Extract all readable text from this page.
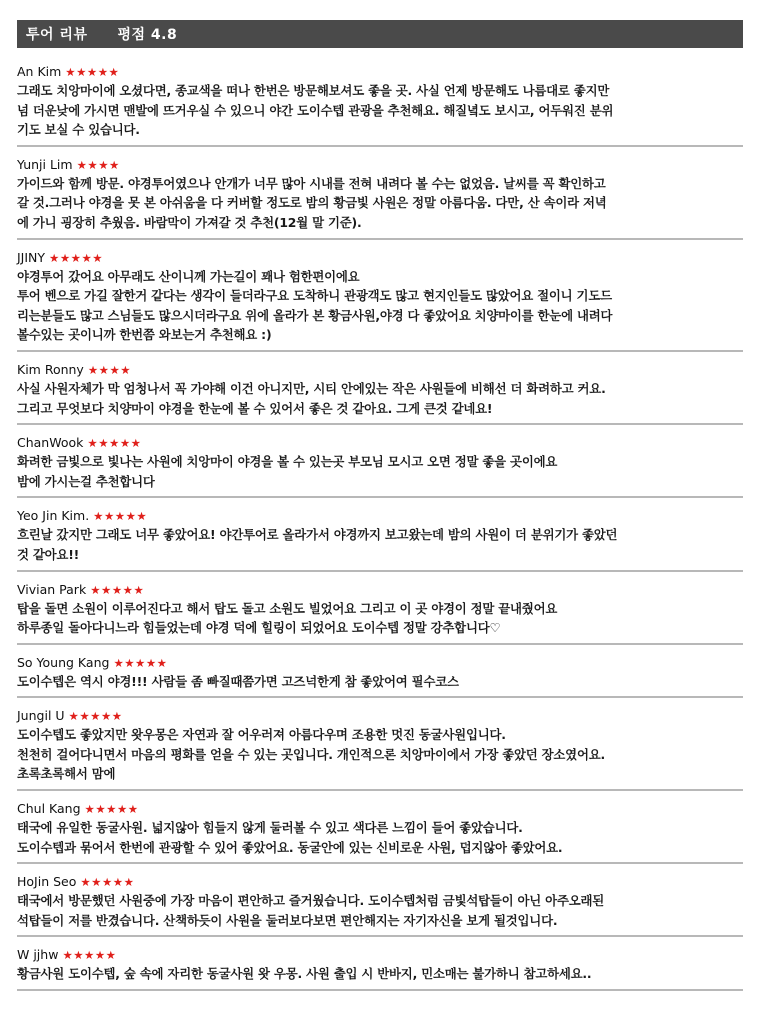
투어 리뷰 평점 4.8
An Kim ★★★★★
그래도 치앙마이에 오셨다면, 종교색을 떠나 한번은 방문해보셔도 좋을 곳. 사실 언제 방문해도 나름대로 좋지만
넘 더운낮에 가시면 맨발에 뜨거우실 수 있으니 야간 도이수텝 관광을 추천해요. 해질녘도 보시고, 어두워진 분위
기도 보실 수 있습니다.
Yunji Lim ★★★★
가이드와 함께 방문. 야경투어였으나 안개가 너무 많아 시내를 전혀 내려다 볼 수는 없었음. 날씨를 꼭 확인하고
갈 것.그러나 야경을 못 본 아쉬움을 다 커버할 정도로 밤의 황금빛 사원은 정말 아름다움. 다만, 산 속이라 저녁
에 가니 굉장히 추웠음. 바람막이 가져갈 것 추천(12월 말 기준).
JJINY ★★★★★
야경투어 갔어요 아무래도 산이니께 가는길이 꽤나 험한편이에요
투어 벤으로 가길 잘한거 같다는 생각이 들더라구요 도착하니 관광객도 많고 현지인들도 많았어요 절이니 기도드
리는분들도 많고 스님들도 많으시더라구요 위에 올라가 본 황금사원,야경 다 좋았어요 치양마이를 한눈에 내려다
볼수있는 곳이니까 한번쯤 와보는거 추천해요 :)
Kim Ronny ★★★★
사실 사원자체가 막 엄청나서 꼭 가야해 이건 아니지만, 시티 안에있는 작은 사원들에 비해선 더 화려하고 커요.
그리고 무엇보다 치양마이 야경을 한눈에 볼 수 있어서 좋은 것 같아요. 그게 큰것 같네요!
ChanWook ★★★★★
화려한 금빛으로 빛나는 사원에 치앙마이 야경을 볼 수 있는곳 부모님 모시고 오면 정말 좋을 곳이에요
밤에 가시는걸 추천합니다
Yeo Jin Kim. ★★★★★
흐린날 갔지만 그래도 너무 좋았어요! 야간투어로 올라가서 야경까지 보고왔는데 밤의 사원이 더 분위기가 좋았던
것 같아요!!
Vivian Park ★★★★★
탑을 돌면 소원이 이루어진다고 해서 탑도 돌고 소원도 빌었어요 그리고 이 곳 야경이 정말 끝내줬어요
하루종일 돌아다니느라 힘들었는데 야경 덕에 힐링이 되었어요 도이수텝 정말 강추합니다♡
So Young Kang ★★★★★
도이수텝은 역시 야경!!! 사람들 좀 빠질때쯤가면 고즈넉한게 참 좋았어여 필수코스
Jungil U ★★★★★
도이수텝도 좋았지만 왓우몽은 자연과 잘 어우러져 아름다우며 조용한 멋진 동굴사원입니다.
천천히 걸어다니면서 마음의 평화를 얻을 수 있는 곳입니다. 개인적으론 치앙마이에서 가장 좋았던 장소였어요.
초록초록해서 맘에
Chul Kang ★★★★★
태국에 유일한 동굴사원. 넓지않아 힘들지 않게 둘러볼 수 있고 색다른 느낌이 들어 좋았습니다.
도이수텝과 묶어서 한번에 관광할 수 있어 좋았어요. 동굴안에 있는 신비로운 사원, 덥지않아 좋았어요.
HoJin Seo ★★★★★
태국에서 방문했던 사원중에 가장 마음이 편안하고 즐거웠습니다. 도이수텝처럼 금빛석탑들이 아닌 아주오래된
석탑들이 저를 반겼습니다. 산책하듯이 사원을 둘러보다보면 편안해지는 자기자신을 보게 될것입니다.
W jjhw ★★★★★
황금사원 도이수텝, 숲 속에 자리한 동굴사원 왓 우몽. 사원 출입 시 반바지, 민소매는 불가하니 참고하세요..
